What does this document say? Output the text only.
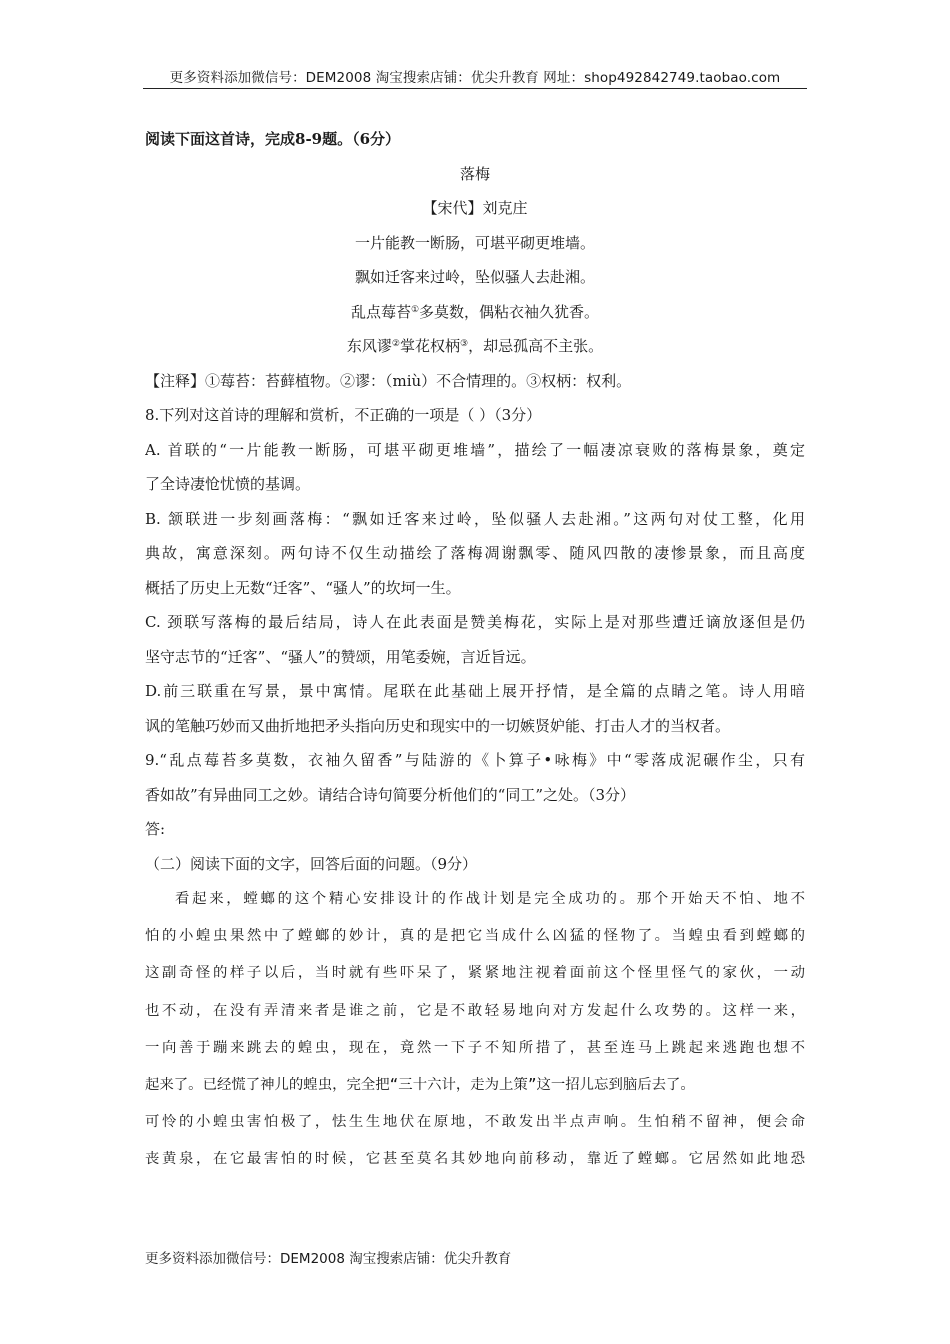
更多资料添加微信号：DEM2008 淘宝搜索店铺：优尖升教育 网址：shop492842749.taobao.com
阅读下面这首诗，完成8-9题。（6分）
落梅
【宋代】刘克庄
一片能教一断肠，可堪平砌更堆墙。
飘如迁客来过岭，坠似骚人去赴湘。
乱点莓苔①多莫数，偶粘衣袖久犹香。
东风谬②掌花权柄③，却忌孤高不主张。
【注释】①莓苔：苔藓植物。②谬：（miù）不合情理的。③权柄：权利。
8.下列对这首诗的理解和赏析，不正确的一项是（ ）（3分）
A. 首联的“一片能教一断肠，可堪平砌更堆墙”，描绘了一幅凄凉衰败的落梅景象，奠定
了全诗凄怆忧愤的基调。
B. 颔联进一步刻画落梅：“飘如迁客来过岭，坠似骚人去赴湘。”这两句对仗工整，化用
典故，寓意深刻。两句诗不仅生动描绘了落梅凋谢飘零、随风四散的凄惨景象，而且高度
概括了历史上无数“迁客”、“骚人”的坎坷一生。
C. 颈联写落梅的最后结局，诗人在此表面是赞美梅花，实际上是对那些遭迁谪放逐但是仍
坚守志节的“迁客”、“骚人”的赞颂，用笔委婉，言近旨远。
D.前三联重在写景，景中寓情。尾联在此基础上展开抒情，是全篇的点睛之笔。诗人用暗
讽的笔触巧妙而又曲折地把矛头指向历史和现实中的一切嫉贤妒能、打击人才的当权者。
9.“乱点莓苔多莫数，衣袖久留香”与陆游的《卜算子•咏梅》中“零落成泥碾作尘，只有
香如故”有异曲同工之妙。请结合诗句简要分析他们的“同工”之处。（3分）
答:
（二）阅读下面的文字，回答后面的问题。（9分）
看起来，螳螂的这个精心安排设计的作战计划是完全成功的。那个开始天不怕、地不
怕的小蝗虫果然中了螳螂的妙计，真的是把它当成什么凶猛的怪物了。当蝗虫看到螳螂的
这副奇怪的样子以后，当时就有些吓呆了，紧紧地注视着面前这个怪里怪气的家伙，一动
也不动，在没有弄清来者是谁之前，它是不敢轻易地向对方发起什么攻势的。这样一来，
一向善于蹦来跳去的蝗虫，现在，竟然一下子不知所措了，甚至连马上跳起来逃跑也想不
起来了。已经慌了神儿的蝗虫，完全把“三十六计，走为上策”这一招儿忘到脑后去了。
可怜的小蝗虫害怕极了，怯生生地伏在原地，不敢发出半点声响。生怕稍不留神，便会命
丧黄泉，在它最害怕的时候，它甚至莫名其妙地向前移动，靠近了螳螂。它居然如此地恐
更多资料添加微信号：DEM2008 淘宝搜索店铺：优尖升教育
